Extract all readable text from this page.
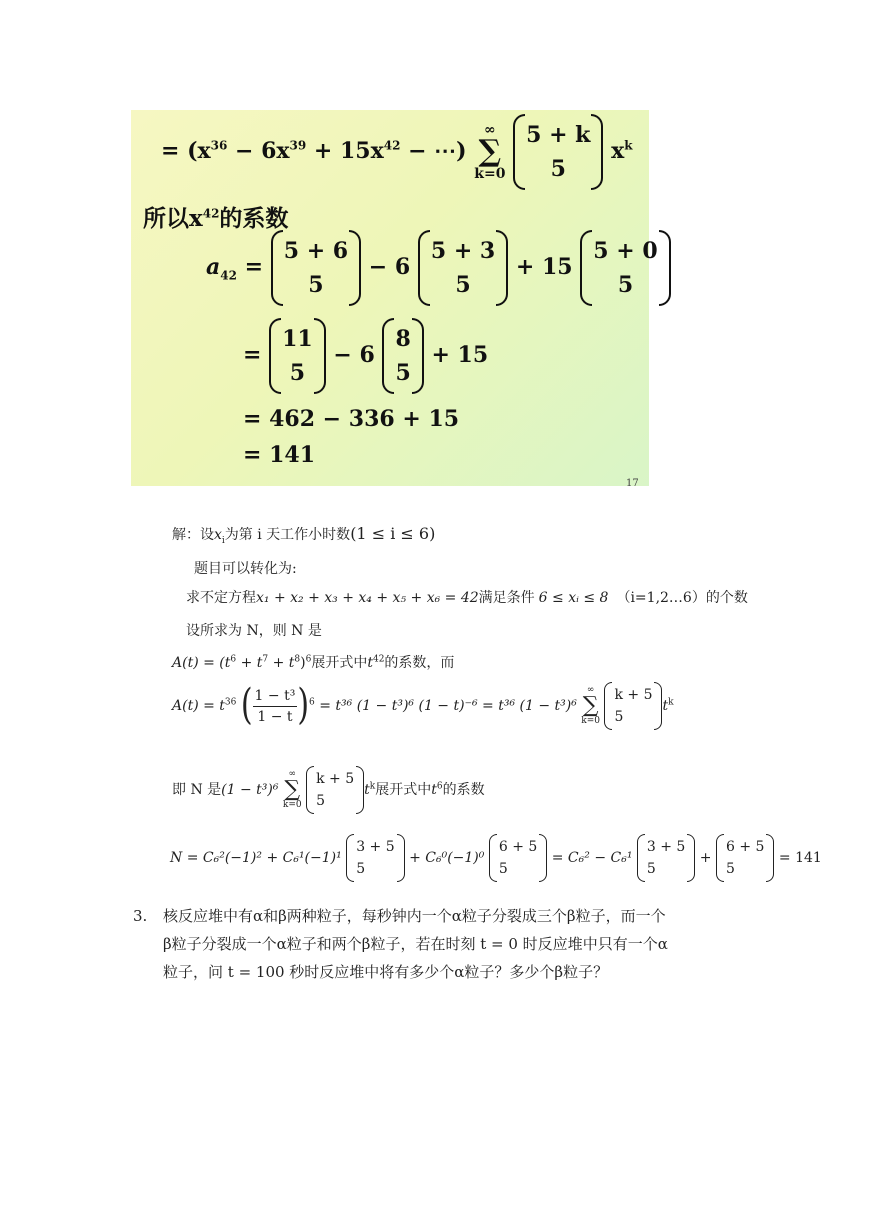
= ($x^{36} - 6x^{39} + 15x^{42}$ − ⋯) ∞
∑
k=0
5 + k
5
$x^k$
所以$x^{42}$的系数
$a_{42}$ =
5 + 6
5
− 6
5 + 3
5
+ 15
5 + 0
5
=
11
5
− 6
8
5
+ 15
= 462 − 336 + 15
= 141
17
解：设$x_i$为第 i 天工作小时数(1 ≤ i ≤ 6)
题目可以转化为:
求不定方程x₁ + x₂ + x₃ + x₄ + x₅ + x₆ = 42满足条件 6 ≤ xᵢ ≤ 8 （i=1,2…6）的个数
设所求为 N，则 N 是
$A(t) = (t^6 + t^7 + t^8)^6$展开式中$t^{42}$的系数，而
$A(t) = t^{36}$ ( $\frac{\text{1 − t³}}{1 - t} )^6 = t^{36}$ (1 − t³)⁶ (1 − t)⁻⁶ = t³⁶ (1 − t³)⁶ ∞
∑
k=0
k + 5
5
$t^k$
即 N 是(1 − t³)⁶ ∞
∑
k=0
k + 5
5
$t^k$展开式中$t^6$的系数
N = C₆²(−1)² + C₆¹(−1)¹
3 + 5
5
+ C₆⁰(−1)⁰
6 + 5
5
= C₆² − C₆¹
3 + 5
5
+
6 + 5
5
= 141
3. 核反应堆中有α和β两种粒子，每秒钟内一个α粒子分裂成三个β粒子，而一个
β粒子分裂成一个α粒子和两个β粒子，若在时刻 t = 0 时反应堆中只有一个α
粒子，问 t = 100 秒时反应堆中将有多少个α粒子？多少个β粒子？
